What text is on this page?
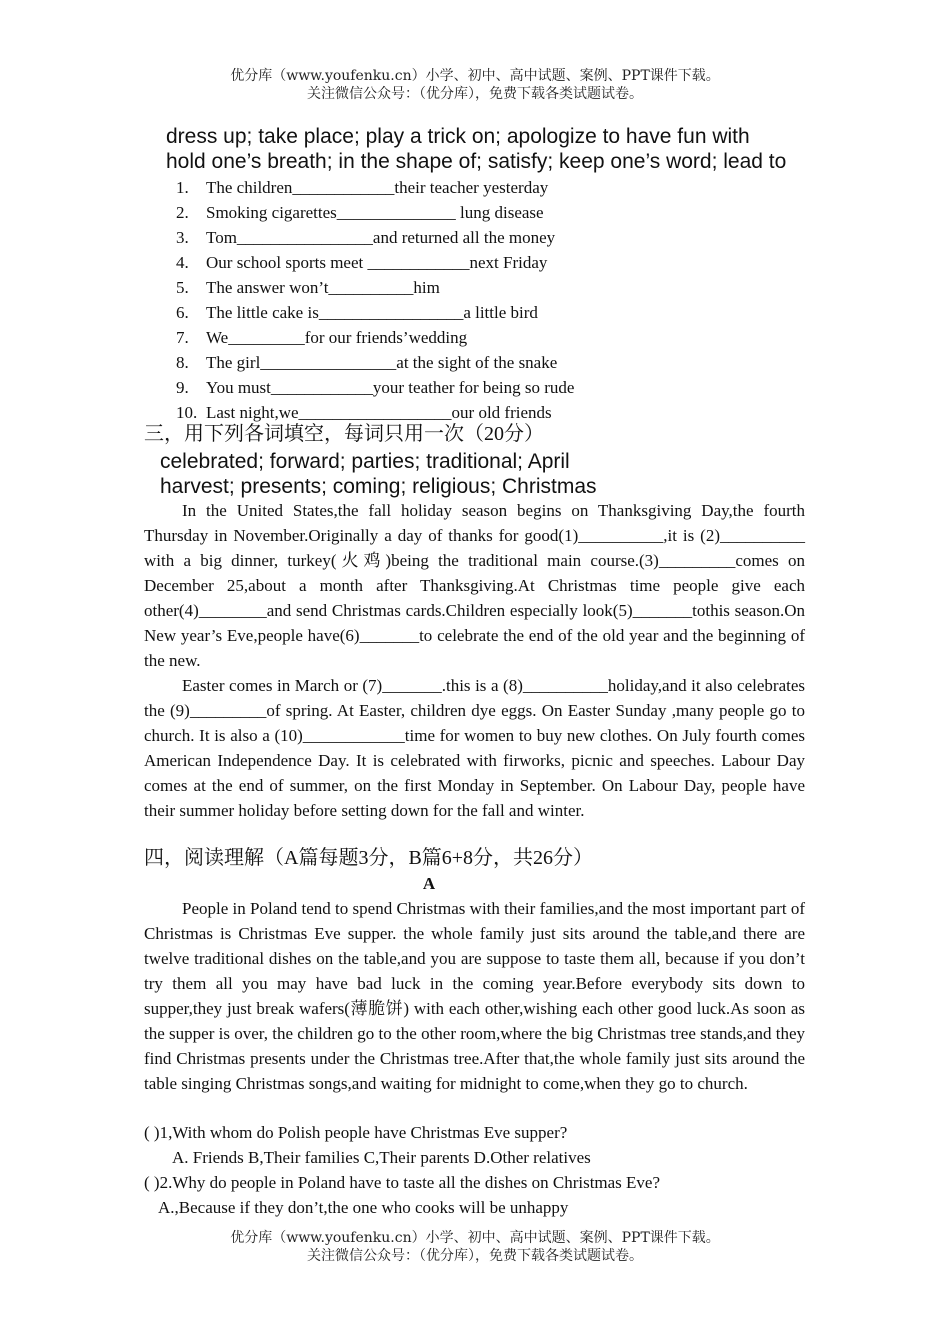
优分库（www.youfenku.cn）小学、初中、高中试题、案例、PPT课件下载。
关注微信公众号：（优分库），免费下载各类试题试卷。
dress up; take place; play a trick on; apologize to have fun with
hold one’s breath; in the shape of; satisfy; keep one’s word; lead to
1.	The children____________their teacher yesterday
2.	Smoking cigarettes______________ lung disease
3.	Tom________________and returned all the money
4.	Our school sports meet ____________next Friday
5.	The answer won’t__________him
6.	The little cake is_________________a little bird
7.	We_________for our friends’wedding
8.	The girl________________at the sight of the snake
9.	You must____________your teather for being so rude
10. Last night,we__________________our old friends
三，用下列各词填空，每词只用一次（20分）
celebrated; forward; parties; traditional; April
harvest; presents; coming; religious; Christmas

In the United States,the fall holiday season begins on Thanksgiving Day,the fourth Thursday in November.Originally a day of thanks for good(1)__________,it is (2)__________ with a big dinner, turkey(火鸡)being the traditional main course.(3)_________comes on December 25,about a month after Thanksgiving.At Christmas time people give each other(4)________and send Christmas cards.Children especially look(5)_______tothis season.On New year’s Eve,people have(6)_______to celebrate the end of the old year and the beginning of the new.

Easter comes in March or (7)_______.this is a (8)__________holiday,and it also celebrates the (9)_________of spring. At Easter, children dye eggs. On Easter Sunday ,many people go to church. It is also a (10)____________time for women to buy new clothes. On July fourth comes American Independence Day. It is celebrated with firworks, picnic and speeches. Labour Day comes at the end of summer, on the first Monday in September. On Labour Day, people have their summer holiday before setting down for the fall and winter.

四，阅读理解（A篇每题3分，B篇6+8分，共26分）
A

People in Poland tend to spend Christmas with their families,and the most important part of Christmas is Christmas Eve supper. the whole family just sits around the table,and there are twelve traditional dishes on the table,and you are suppose to taste them all, because if you don’t try them all you may have bad luck in the coming year.Before everybody sits down to supper,they just break wafers(薄脆饼) with each other,wishing each other good luck.As soon as the supper is over, the children go to the other room,where the big Christmas tree stands,and they find Christmas presents under the Christmas tree.After that,the whole family just sits around the table singing Christmas songs,and waiting for midnight to come,when they go to church.

( )1,With whom do Polish people have Christmas Eve supper?
A. Friends B,Their families C,Their parents D.Other relatives
( )2.Why do people in Poland have to taste all the dishes on Christmas Eve?
A.,Because if they don’t,the one who cooks will be unhappy
优分库（www.youfenku.cn）小学、初中、高中试题、案例、PPT课件下载。
关注微信公众号：（优分库），免费下载各类试题试卷。
